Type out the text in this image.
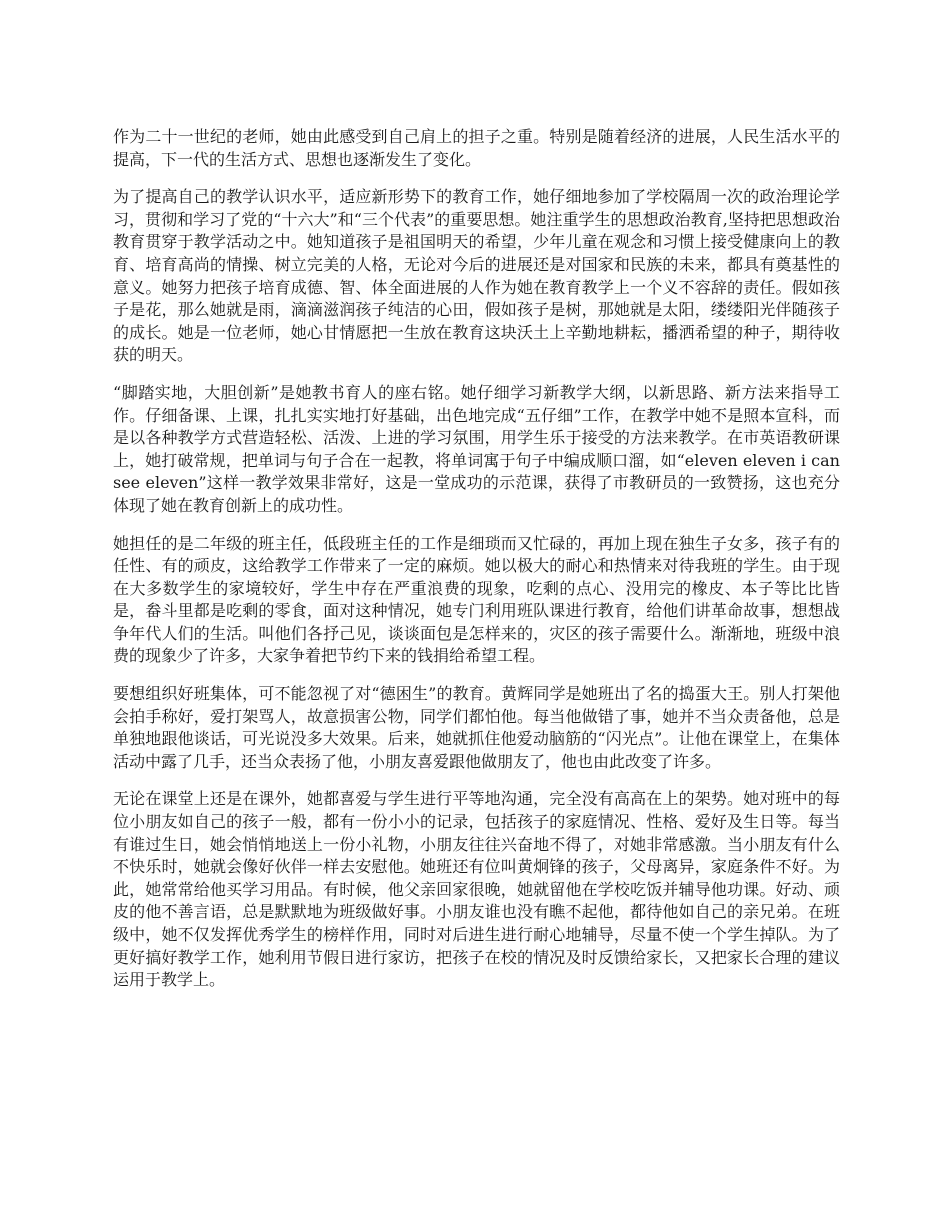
作为二十一世纪的老师，她由此感受到自己肩上的担子之重。特别是随着经济的进展，人民生活水平的提高，下一代的生活方式、思想也逐渐发生了变化。

为了提高自己的教学认识水平，适应新形势下的教育工作，她仔细地参加了学校隔周一次的政治理论学习，贯彻和学习了党的“十六大”和“三个代表”的重要思想。她注重学生的思想政治教育,坚持把思想政治教育贯穿于教学活动之中。她知道孩子是祖国明天的希望，少年儿童在观念和习惯上接受健康向上的教育、培育高尚的情操、树立完美的人格，无论对今后的进展还是对国家和民族的未来，都具有奠基性的意义。她努力把孩子培育成德、智、体全面进展的人作为她在教育教学上一个义不容辞的责任。假如孩子是花，那么她就是雨，滴滴滋润孩子纯洁的心田，假如孩子是树，那她就是太阳，缕缕阳光伴随孩子的成长。她是一位老师，她心甘情愿把一生放在教育这块沃土上辛勤地耕耘，播洒希望的种子，期待收获的明天。

“脚踏实地，大胆创新”是她教书育人的座右铭。她仔细学习新教学大纲，以新思路、新方法来指导工作。仔细备课、上课，扎扎实实地打好基础，出色地完成“五仔细”工作，在教学中她不是照本宣科，而是以各种教学方式营造轻松、活泼、上进的学习氛围，用学生乐于接受的方法来教学。在市英语教研课上，她打破常规，把单词与句子合在一起教，将单词寓于句子中编成顺口溜，如“eleven eleven i can see eleven”这样一教学效果非常好，这是一堂成功的示范课，获得了市教研员的一致赞扬，这也充分体现了她在教育创新上的成功性。

她担任的是二年级的班主任，低段班主任的工作是细琐而又忙碌的，再加上现在独生子女多，孩子有的任性、有的顽皮，这给教学工作带来了一定的麻烦。她以极大的耐心和热情来对待我班的学生。由于现在大多数学生的家境较好，学生中存在严重浪费的现象，吃剩的点心、没用完的橡皮、本子等比比皆是，畚斗里都是吃剩的零食，面对这种情况，她专门利用班队课进行教育，给他们讲革命故事，想想战争年代人们的生活。叫他们各抒己见，谈谈面包是怎样来的，灾区的孩子需要什么。渐渐地，班级中浪费的现象少了许多，大家争着把节约下来的钱捐给希望工程。

要想组织好班集体，可不能忽视了对“德困生”的教育。黄辉同学是她班出了名的捣蛋大王。别人打架他会拍手称好，爱打架骂人，故意损害公物，同学们都怕他。每当他做错了事，她并不当众责备他，总是单独地跟他谈话，可光说没多大效果。后来，她就抓住他爱动脑筋的“闪光点”。让他在课堂上，在集体活动中露了几手，还当众表扬了他，小朋友喜爱跟他做朋友了，他也由此改变了许多。

无论在课堂上还是在课外，她都喜爱与学生进行平等地沟通，完全没有高高在上的架势。她对班中的每位小朋友如自己的孩子一般，都有一份小小的记录，包括孩子的家庭情况、性格、爱好及生日等。每当有谁过生日，她会悄悄地送上一份小礼物，小朋友往往兴奋地不得了，对她非常感激。当小朋友有什么不快乐时，她就会像好伙伴一样去安慰他。她班还有位叫黄炯锋的孩子，父母离异，家庭条件不好。为此，她常常给他买学习用品。有时候，他父亲回家很晚，她就留他在学校吃饭并辅导他功课。好动、顽皮的他不善言语，总是默默地为班级做好事。小朋友谁也没有瞧不起他，都待他如自己的亲兄弟。在班级中，她不仅发挥优秀学生的榜样作用，同时对后进生进行耐心地辅导，尽量不使一个学生掉队。为了更好搞好教学工作，她利用节假日进行家访，把孩子在校的情况及时反馈给家长，又把家长合理的建议运用于教学上。
